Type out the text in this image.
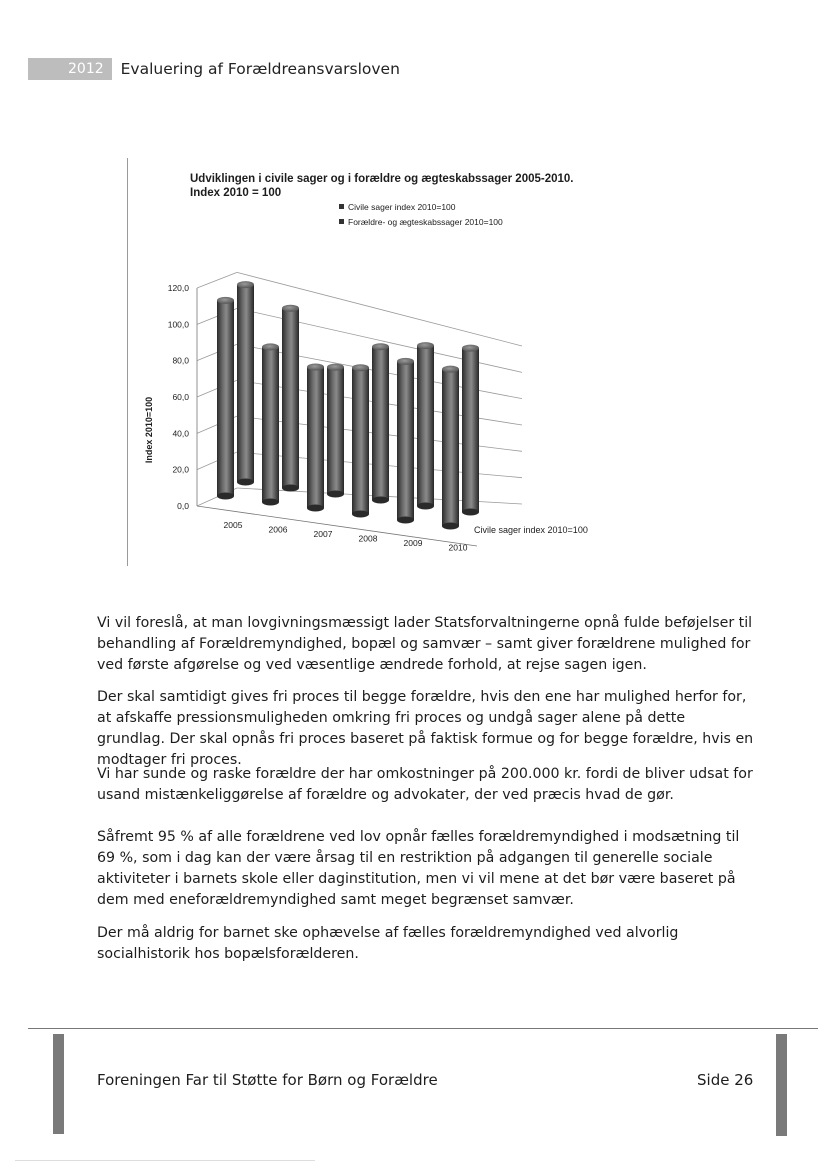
2012	Evaluering af Forældreansvarsloven
Udviklingen i civile sager og i forældre og ægteskabssager 2005-2010.
Index 2010 = 100
Civile sager index 2010=100
Forældre- og ægteskabssager 2010=100
0,0
20,0
40,0
60,0
80,0
100,0
120,0
Index 2010=100
2005	2006	2007	2008	2009	2010
Civile sager index 2010=100

Vi vil foreslå, at man lovgivningsmæssigt lader Statsforvaltningerne opnå fulde beføjelser til behandling af Forældremyndighed, bopæl og samvær – samt giver forældrene mulighed for ved første afgørelse og ved væsentlige ændrede forhold, at rejse sagen igen.

Der skal samtidigt gives fri proces til begge forældre, hvis den ene har mulighed herfor for, at afskaffe pressionsmuligheden omkring fri proces og undgå sager alene på dette grundlag. Der skal opnås fri proces baseret på faktisk formue og for begge forældre, hvis en modtager fri proces.

Vi har sunde og raske forældre der har omkostninger på 200.000 kr. fordi de bliver udsat for usand mistænkeliggørelse af forældre og advokater, der ved præcis hvad de gør.

Såfremt 95 % af alle forældrene ved lov opnår fælles forældremyndighed i modsætning til 69 %, som i dag kan der være årsag til en restriktion på adgangen til generelle sociale aktiviteter i barnets skole eller daginstitution, men vi vil mene at det bør være baseret på dem med eneforældremyndighed samt meget begrænset samvær.

Der må aldrig for barnet ske ophævelse af fælles forældremyndighed ved alvorlig socialhistorik hos bopælsforælderen.

Foreningen Far til Støtte for Børn og Forældre	Side 26
